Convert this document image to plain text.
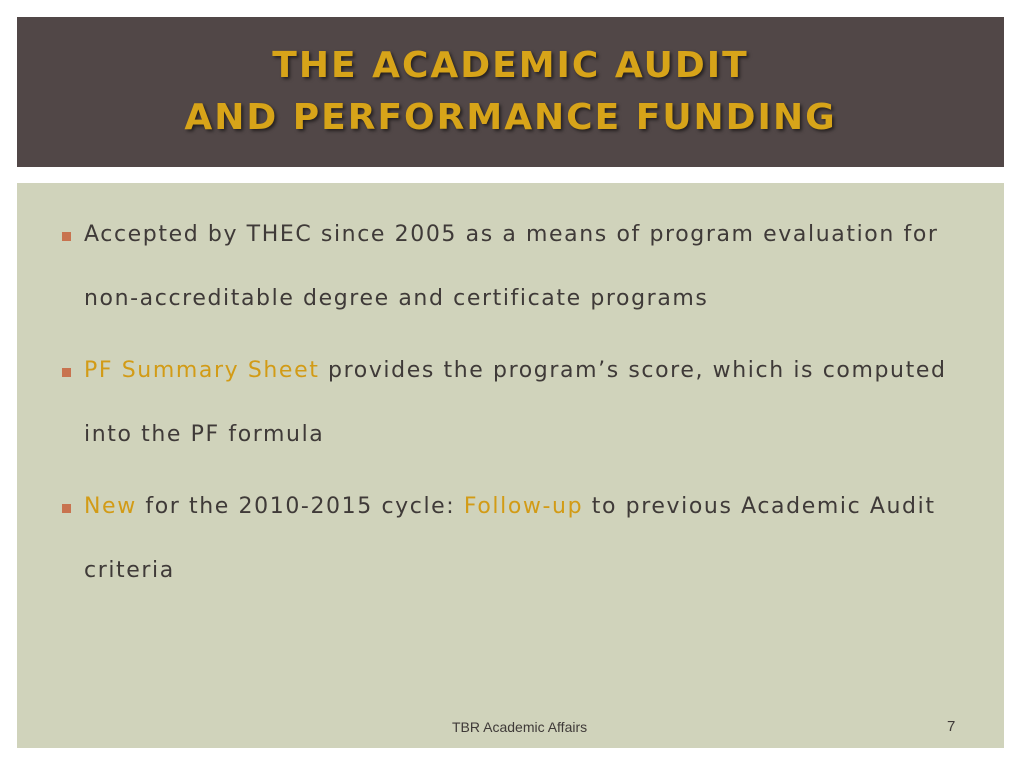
THE ACADEMIC AUDIT
AND PERFORMANCE FUNDING
Accepted by THEC since 2005 as a means of program evaluation for non-accreditable degree and certificate programs
PF Summary Sheet provides the program’s score, which is computed into the PF formula
New for the 2010-2015 cycle: Follow-up to previous Academic Audit criteria
TBR Academic Affairs	7
